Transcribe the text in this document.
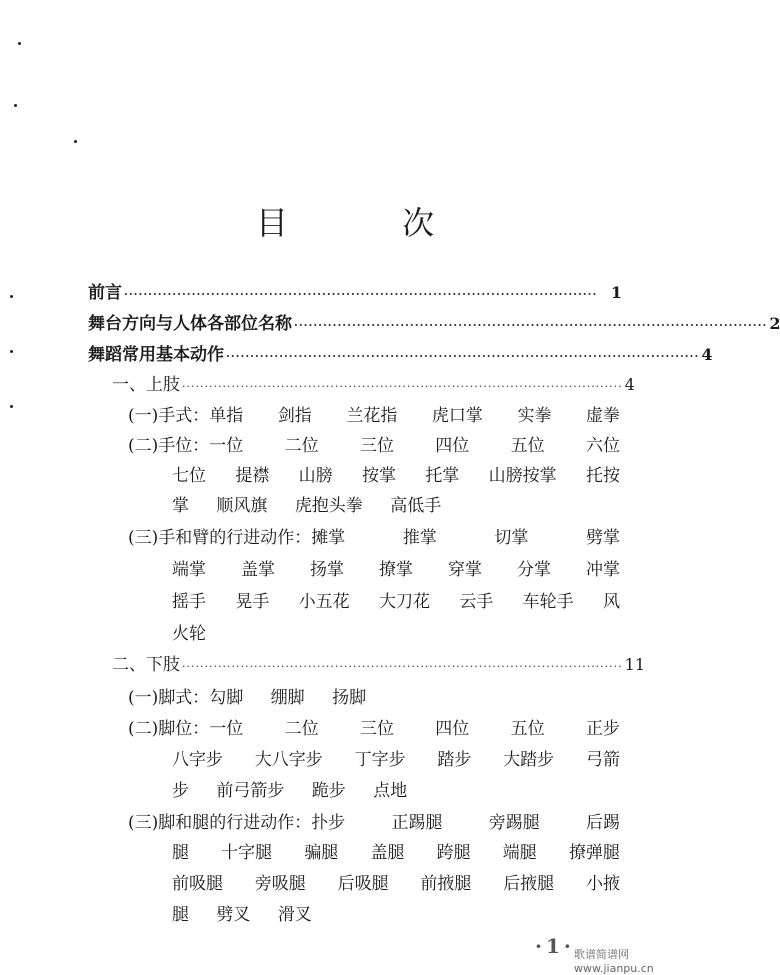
目 次
前言 ·································································································· 1
舞台方向与人体各部位名称 ·································································································· 2
舞蹈常用基本动作 ·································································································· 4
一、上肢 ·································································································· 4
(一)手式：单指 剑指 兰花指 虎口掌 实拳 虚拳
(二)手位：一位 二位 三位 四位 五位 六位
七位 提襟 山膀 按掌 托掌 山膀按掌 托按
掌 顺风旗 虎抱头拳 高低手
(三)手和臂的行进动作：摊掌	推掌	切掌	劈掌
端掌 盖掌 扬掌 撩掌 穿掌 分掌 冲掌
摇手 晃手 小五花 大刀花 云手 车轮手 风
火轮
二、下肢 ·································································································· 11
(一)脚式：勾脚 绷脚 扬脚
(二)脚位：一位 二位 三位 四位 五位 正步
八字步 大八字步 丁字步 踏步 大踏步 弓箭
步 前弓箭步 跪步 点地
(三)脚和腿的行进动作：扑步	正踢腿	旁踢腿	后踢
腿 十字腿 骗腿 盖腿 跨腿 端腿 撩弹腿
前吸腿 旁吸腿 后吸腿 前掖腿 后掖腿 小掖
腿 劈叉 滑叉
·1· 歌谱简谱网 www.jianpu.cn
